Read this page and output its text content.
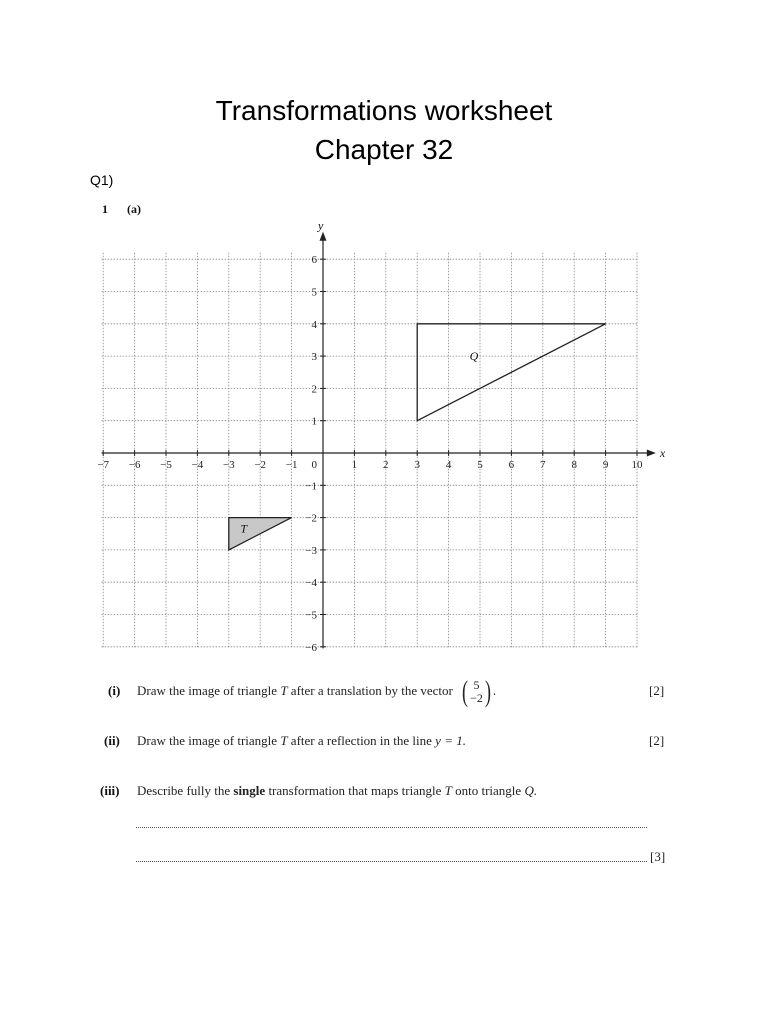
Transformations worksheet
Chapter 32
Q1)
1 (a)
x
y
−7 −6 −5 −4 −3 −2 −1	1 2 3 4 5 6 7 8 9 10
6
5
4
3
2
1
−1
−2
−3
−4
−5
−6
0
T
Q
(i) Draw the image of triangle T after a translation by the vector ( 5
−2 ) .	[2]
(ii) Draw the image of triangle T after a reflection in the line y = 1.	[2]
(iii) Describe fully the single transformation that maps triangle T onto triangle Q.
[3]
